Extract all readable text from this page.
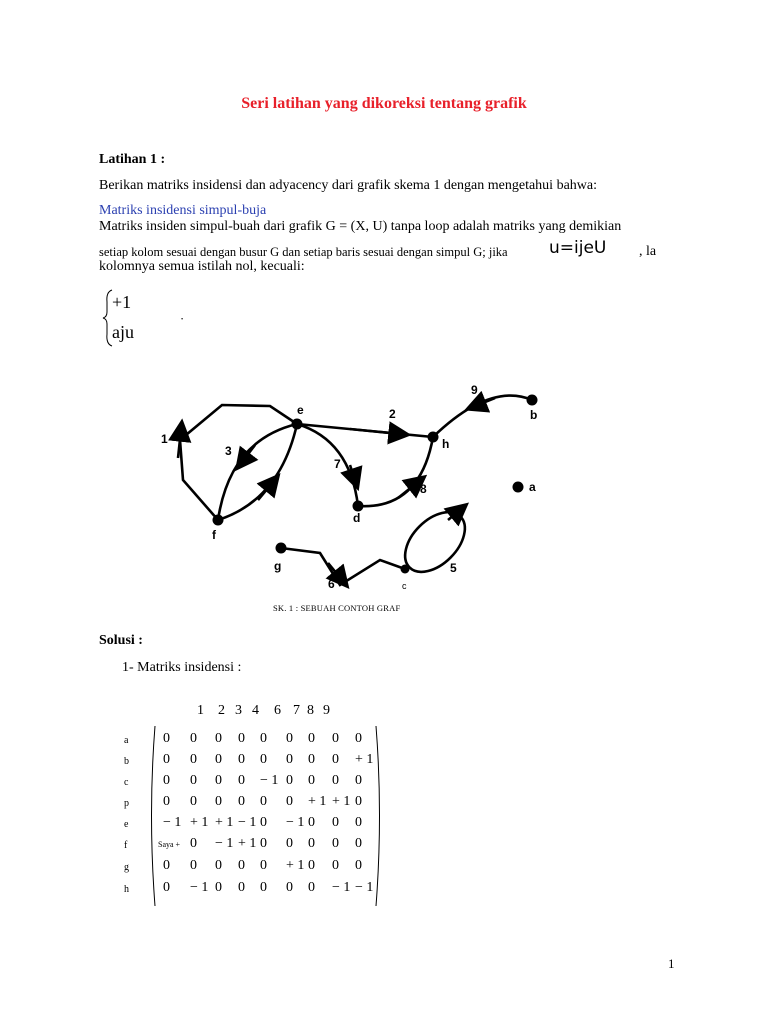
Seri latihan yang dikoreksi tentang grafik
Latihan 1 :
Berikan matriks insidensi dan adyacency dari grafik skema 1 dengan mengetahui bahwa:
Matriks insidensi simpul-buja
Matriks insiden simpul-buah dari grafik G = (X, U) tanpa loop adalah matriks yang demikian
setiap kolom sesuai dengan busur G dan setiap baris sesuai dengan simpul G; jika u=ijeU , la
kolomnya semua istilah nol, kecuali:
+1
aju
·
e
h
b
a
d
f
g
c
1
2
3
4
5
6
7
8
9
SK. 1 : SEBUAH CONTOH GRAF
Solusi :
1- Matriks insidensi :
1 2 3 4 6 7 8 9
a 0 0 0 0 0 0 0 0 0
b 0 0 0 0 0 0 0 0 + 1
c 0 0 0 0 − 1 0 0 0 0
p 0 0 0 0 0 0 + 1 + 1 0
e − 1 + 1 + 1 − 1 0 − 1 0 0 0
f	Saya + 0 − 1 + 1 0 0 0 0 0
g 0 0 0 0 0 + 1 0 0 0
h 0 − 1 0 0 0 0 0 − 1 − 1
1
